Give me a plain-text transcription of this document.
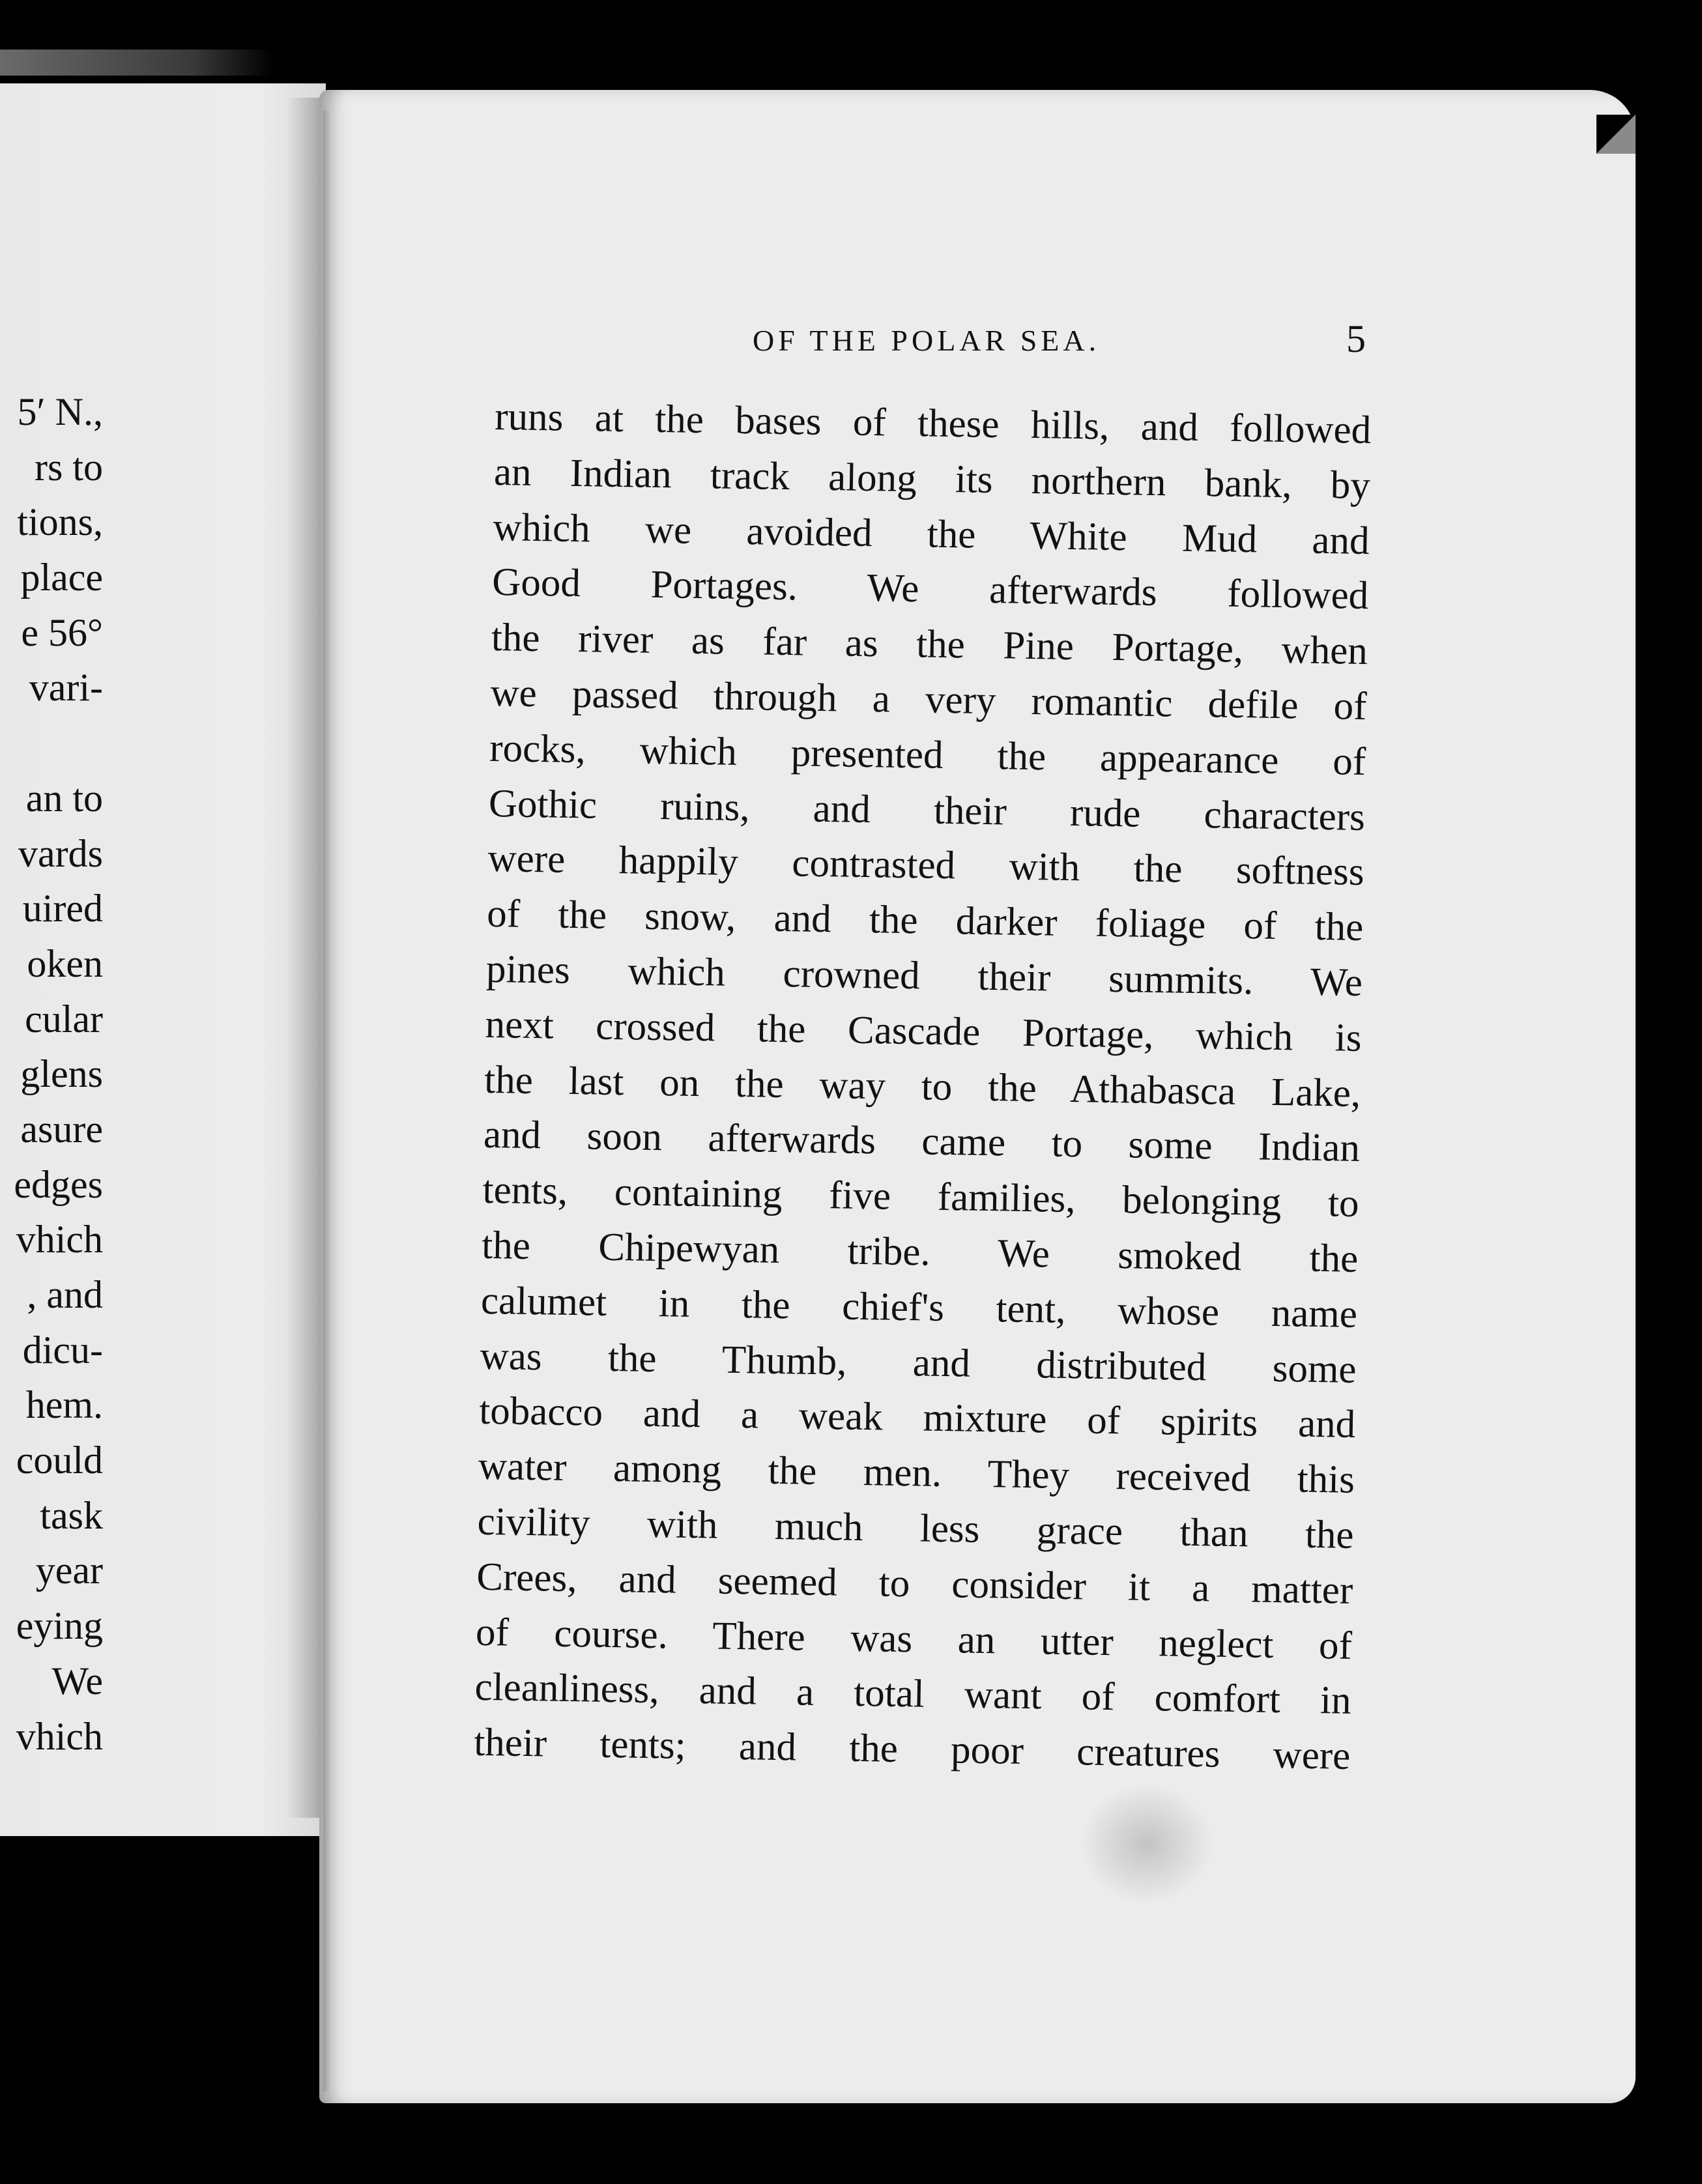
5′ N.,
rs to
tions,
place
e 56°
vari-
an to
vards
uired
oken
cular
glens
asure
edges
vhich
, and
dicu-
hem.
could
task
year
eying
We
vhich
OF THE POLAR SEA.	5
runs at the bases of these hills, and followed
an Indian track along its northern bank, by
which we avoided the White Mud and
Good Portages. We afterwards followed
the river as far as the Pine Portage, when
we passed through a very romantic defile of
rocks, which presented the appearance of
Gothic ruins, and their rude characters
were happily contrasted with the softness
of the snow, and the darker foliage of the
pines which crowned their summits. We
next crossed the Cascade Portage, which is
the last on the way to the Athabasca Lake,
and soon afterwards came to some Indian
tents, containing five families, belonging to
the Chipewyan tribe. We smoked the
calumet in the chief's tent, whose name
was the Thumb, and distributed some
tobacco and a weak mixture of spirits and
water among the men. They received this
civility with much less grace than the
Crees, and seemed to consider it a matter
of course. There was an utter neglect of
cleanliness, and a total want of comfort in
their tents; and the poor creatures were
